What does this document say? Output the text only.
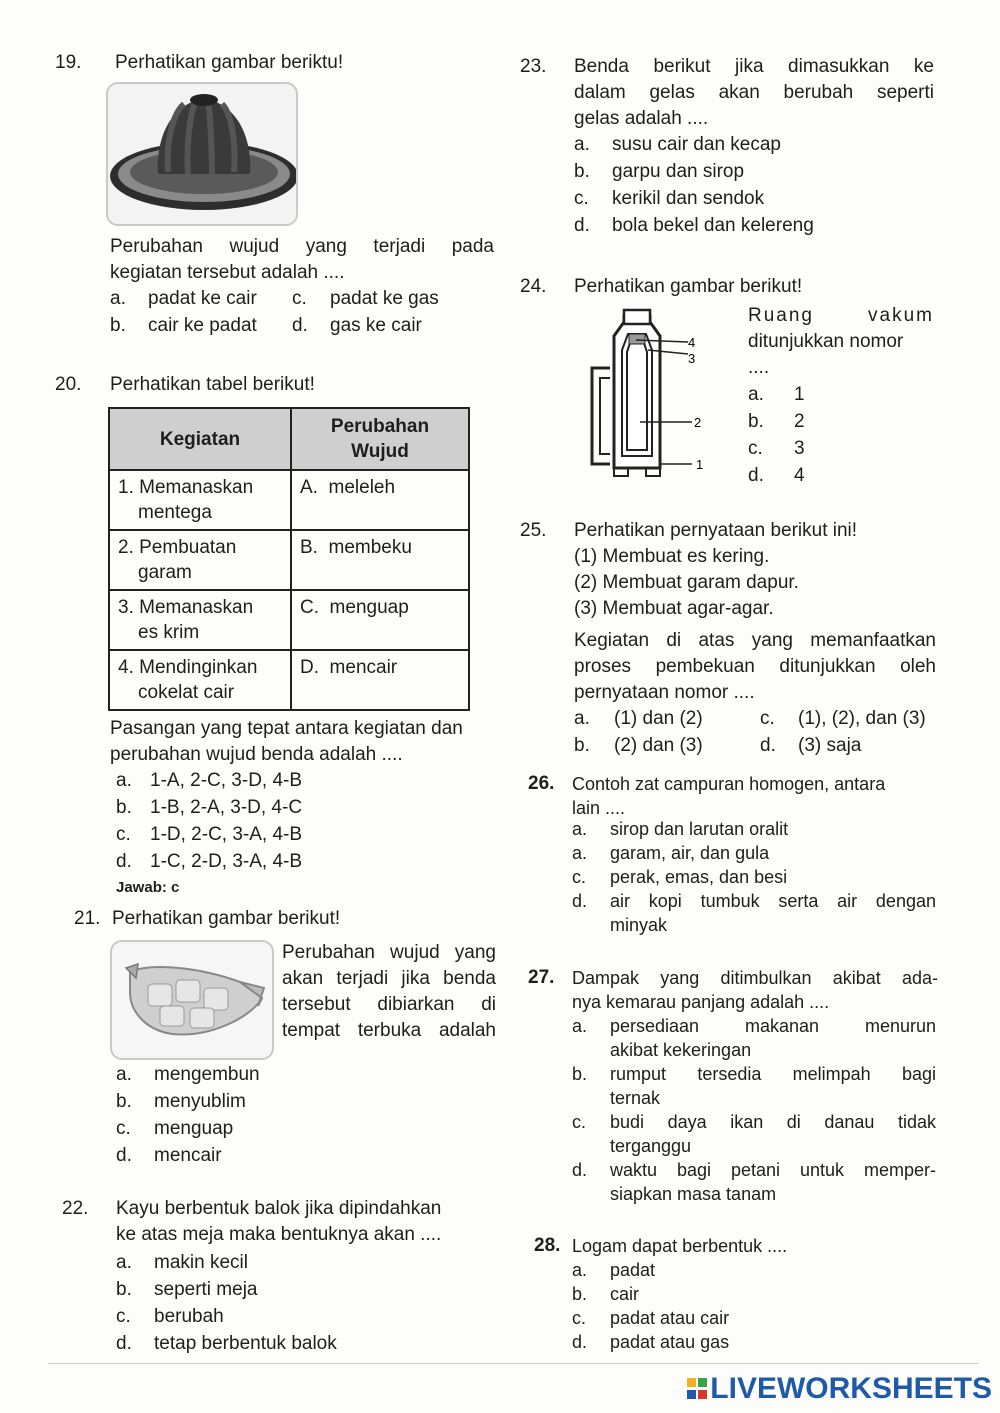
19. Perhatikan gambar beriktu!
Perubahan wujud yang terjadi pada
kegiatan tersebut adalah ....
a. padat ke cair c. padat ke gas
b. cair ke padat d. gas ke cair
20. Perhatikan tabel berikut!
Kegiatan	Perubahan
Wujud

1. Memanaskan
mentega	A.  meleleh

2. Pembuatan
garam	B.  membeku

3. Memanaskan
es krim	C.  menguap

4. Mendinginkan
cokelat cair	D.  mencair
Pasangan yang tepat antara kegiatan dan
perubahan wujud benda adalah ....
a. 1-A, 2-C, 3-D, 4-B
b. 1-B, 2-A, 3-D, 4-C
c. 1-D, 2-C, 3-A, 4-B
d. 1-C, 2-D, 3-A, 4-B
Jawab: c
21. Perhatikan gambar berikut!
Perubahan wujud yang
akan terjadi jika benda
tersebut dibiarkan di
tempat terbuka adalah
a. mengembun
b. menyublim
c. menguap
d. mencair
22. Kayu berbentuk balok jika dipindahkan
ke atas meja maka bentuknya akan ....
a. makin kecil
b. seperti meja
c. berubah
d. tetap berbentuk balok
23. Benda berikut jika dimasukkan ke
dalam gelas akan berubah seperti
gelas adalah ....
a. susu cair dan kecap
b. garpu dan sirop
c. kerikil dan sendok
d. bola bekel dan kelereng
24. Perhatikan gambar berikut!
4
3
2
1
Ruang vakum
ditunjukkan nomor
....
a. 1
b. 2
c. 3
d. 4
25. Perhatikan pernyataan berikut ini!
(1) Membuat es kering.
(2) Membuat garam dapur.
(3) Membuat agar-agar.
Kegiatan di atas yang memanfaatkan
proses pembekuan ditunjukkan oleh
pernyataan nomor ....
a. (1) dan (2)	c. (1), (2), dan (3)
b. (2) dan (3)	d. (3) saja
26. Contoh zat campuran homogen, antara
lain ....
a. sirop dan larutan oralit
a. garam, air, dan gula
c. perak, emas, dan besi
d. air kopi tumbuk serta air dengan
minyak
27. Dampak yang ditimbulkan akibat ada-
nya kemarau panjang adalah ....
a. persediaan makanan menurun
akibat kekeringan
b. rumput tersedia melimpah bagi
ternak
c. budi daya ikan di danau tidak
terganggu
d. waktu bagi petani untuk memper-
siapkan masa tanam
28. Logam dapat berbentuk ....
a. padat
b. cair
c. padat atau cair
d. padat atau gas
LIVEWORKSHEETS
